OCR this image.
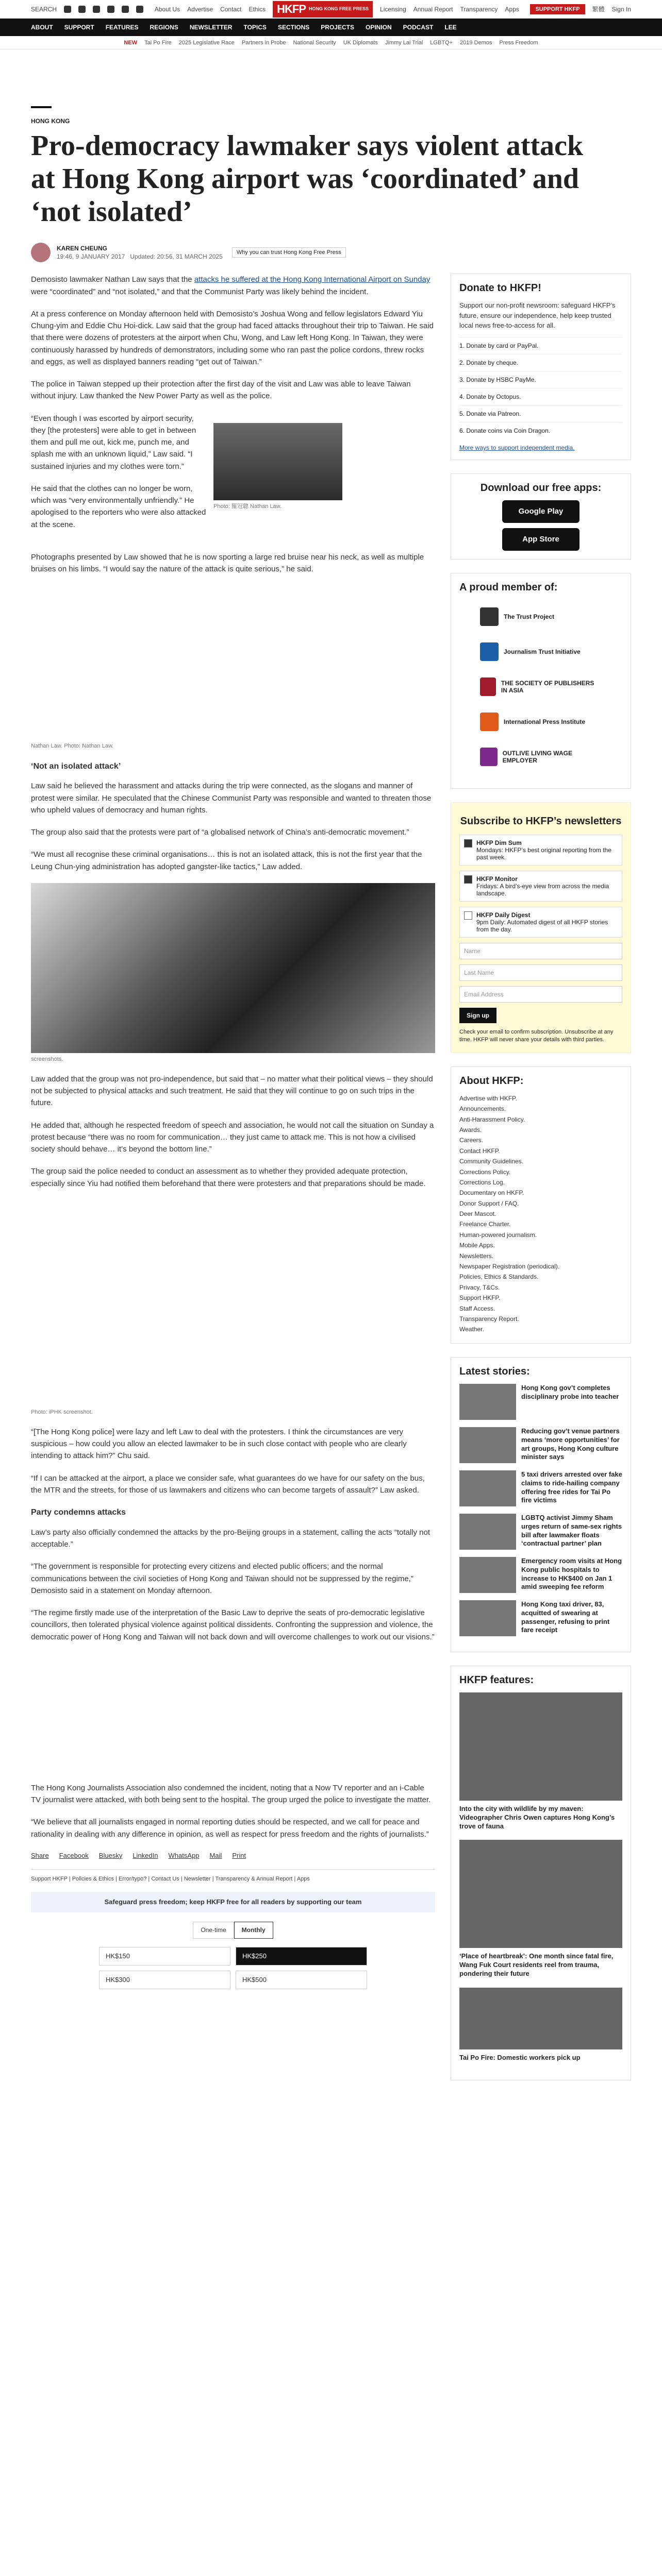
SEARCH	About Us Advertise Contact Ethics HKFP HONG KONG FREE PRESS Licensing Annual Report Transparency Apps	SUPPORT HKFP	繁體 Sign In
ABOUT SUPPORT FEATURES REGIONS NEWSLETTER TOPICS SECTIONS PROJECTS OPINION PODCAST LEE
NEW Tai Po Fire 2025 Legislative Race Partners in Probe National Security UK Diplomats Jimmy Lai Trial LGBTQ+ 2019 Demos Press Freedom
HONG KONG
Pro-democracy lawmaker says violent attack at Hong Kong airport was ‘coordinated’ and ‘not isolated’
KAREN CHEUNG
19:46, 9 JANUARY 2017 Updated: 20:56, 31 MARCH 2025
Why you can trust Hong Kong Free Press

Demosisto lawmaker Nathan Law says that the attacks he suffered at the Hong Kong International Airport on Sunday were “coordinated” and “not isolated,” and that the Communist Party was likely behind the incident.

At a press conference on Monday afternoon held with Demosisto’s Joshua Wong and fellow legislators Edward Yiu Chung-yim and Eddie Chu Hoi-dick. Law said that the group had faced attacks throughout their trip to Taiwan. He said that there were dozens of protesters at the airport when Chu, Wong, and Law left Hong Kong. In Taiwan, they were continuously harassed by hundreds of demonstrators, including some who ran past the police cordons, threw rocks and eggs, as well as displayed banners reading “get out of Taiwan.”

The police in Taiwan stepped up their protection after the first day of the visit and Law was able to leave Taiwan without injury. Law thanked the New Power Party as well as the police.

“Even though I was escorted by airport security, they [the protesters] were able to get in between them and pull me out, kick me, punch me, and splash me with an unknown liquid,” Law said. “I sustained injuries and my clothes were torn.”

He said that the clothes can no longer be worn, which was “very environmentally unfriendly.” He apologised to the reporters who were also attacked at the scene.

Photo: 羅冠聰 Nathan Law.

Photographs presented by Law showed that he is now sporting a large red bruise near his neck, as well as multiple bruises on his limbs. “I would say the nature of the attack is quite serious,” he said.

Nathan Law. Photo: Nathan Law.
‘Not an isolated attack’

Law said he believed the harassment and attacks during the trip were connected, as the slogans and manner of protest were similar. He speculated that the Chinese Communist Party was responsible and wanted to threaten those who upheld values of democracy and human rights.

The group also said that the protests were part of “a globalised network of China’s anti-democratic movement.”

“We must all recognise these criminal organisations… this is not an isolated attack, this is not the first year that the Leung Chun-ying administration has adopted gangster-like tactics,” Law added.

screenshots.

Law added that the group was not pro-independence, but said that – no matter what their political views – they should not be subjected to physical attacks and such treatment. He said that they will continue to go on such trips in the future.

He added that, although he respected freedom of speech and association, he would not call the situation on Sunday a protest because “there was no room for communication… they just came to attack me. This is not how a civilised society should behave… it’s beyond the bottom line.”

The group said the police needed to conduct an assessment as to whether they provided adequate protection, especially since Yiu had notified them beforehand that there were protesters and that preparations should be made.

Photo: iPHK screenshot.

“[The Hong Kong police] were lazy and left Law to deal with the protesters. I think the circumstances are very suspicious – how could you allow an elected lawmaker to be in such close contact with people who are clearly intending to attack him?” Chu said.

“If I can be attacked at the airport, a place we consider safe, what guarantees do we have for our safety on the bus, the MTR and the streets, for those of us lawmakers and citizens who can become targets of assault?” Law asked.

Party condemns attacks

Law’s party also officially condemned the attacks by the pro-Beijing groups in a statement, calling the acts “totally not acceptable.”

“The government is responsible for protecting every citizens and elected public officers; and the normal communications between the civil societies of Hong Kong and Taiwan should not be suppressed by the regime,” Demosisto said in a statement on Monday afternoon.

“The regime firstly made use of the interpretation of the Basic Law to deprive the seats of pro-democratic legislative councillors, then tolerated physical violence against political dissidents. Confronting the suppression and violence, the democratic power of Hong Kong and Taiwan will not back down and will overcome challenges to work out our visions.”

The Hong Kong Journalists Association also condemned the incident, noting that a Now TV reporter and an i-Cable TV journalist were attacked, with both being sent to the hospital. The group urged the police to investigate the matter.

“We believe that all journalists engaged in normal reporting duties should be respected, and we call for peace and rationality in dealing with any difference in opinion, as well as respect for press freedom and the rights of journalists.”

Share Facebook Bluesky LinkedIn WhatsApp Mail Print
Support HKFP | Policies & Ethics | Error/typo? | Contact Us | Newsletter | Transparency & Annual Report | Apps
Safeguard press freedom; keep HKFP free for all readers by supporting our team
One-time	Monthly
HK$150	HK$250
HK$300	HK$500
Donate to HKFP!
Support our non-profit newsroom: safeguard HKFP’s future, ensure our independence, help keep trusted local news free-to-access for all.
1. Donate by card or PayPal.
2. Donate by cheque.
3. Donate by HSBC PayMe.
4. Donate by Octopus.
5. Donate via Patreon.
6. Donate coins via Coin Dragon.
More ways to support independent media.
Download our free apps:
Google Play
App Store
A proud member of:
The Trust Project
Journalism Trust Initiative
THE SOCIETY OF PUBLISHERS IN ASIA
International Press Institute
OUTLIVE LIVING WAGE EMPLOYER
Subscribe to HKFP’s newsletters
HKFP Dim Sum
Mondays: HKFP’s best original reporting from the past week.
HKFP Monitor
Fridays: A bird’s-eye view from across the media landscape.
HKFP Daily Digest
9pm Daily: Automated digest of all HKFP stories from the day.
Name
Last Name
Email Address
Sign up
Check your email to confirm subscription. Unsubscribe at any time. HKFP will never share your details with third parties.
About HKFP:
Advertise with HKFP.
Announcements.
Anti-Harassment Policy.
Awards.
Careers.
Contact HKFP.
Community Guidelines.
Corrections Policy.
Corrections Log.
Documentary on HKFP.
Donor Support / FAQ.
Deer Mascot.
Freelance Charter.
Human-powered journalism.
Mobile Apps.
Newsletters.
Newspaper Registration (periodical).
Policies, Ethics & Standards.
Privacy, T&Cs.
Support HKFP.
Staff Access.
Transparency Report.
Weather.
Latest stories:
Hong Kong gov’t completes disciplinary probe into teacher
Reducing gov’t venue partners means ‘more opportunities’ for art groups, Hong Kong culture minister says
5 taxi drivers arrested over fake claims to ride-hailing company offering free rides for Tai Po fire victims
LGBTQ activist Jimmy Sham urges return of same-sex rights bill after lawmaker floats ‘contractual partner’ plan
Emergency room visits at Hong Kong public hospitals to increase to HK$400 on Jan 1 amid sweeping fee reform
Hong Kong taxi driver, 83, acquitted of swearing at passenger, refusing to print fare receipt
HKFP features:
Into the city with wildlife by my maven: Videographer Chris Owen captures Hong Kong’s trove of fauna
‘Place of heartbreak’: One month since fatal fire, Wang Fuk Court residents reel from trauma, pondering their future
Tai Po Fire: Domestic workers pick up
